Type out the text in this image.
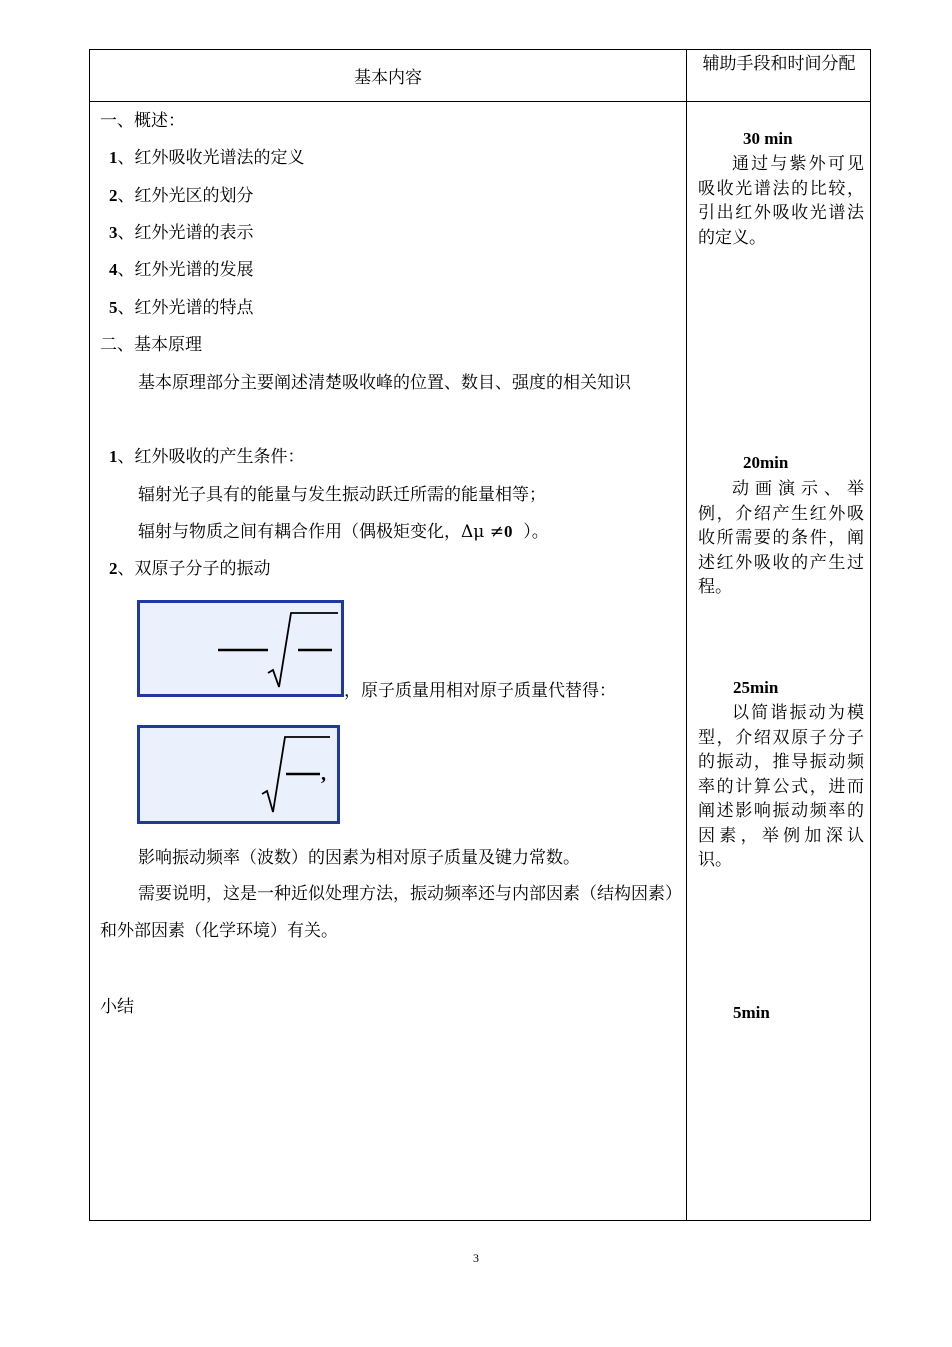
基本内容
辅助手段和时间分配
一、概述：
1、红外吸收光谱法的定义
2、红外光区的划分
3、红外光谱的表示
4、红外光谱的发展
5、红外光谱的特点
二、基本原理
基本原理部分主要阐述清楚吸收峰的位置、数目、强度的相关知识
1、红外吸收的产生条件：
辐射光子具有的能量与发生振动跃迁所需的能量相等；
辐射与物质之间有耦合作用（偶极矩变化，Δμ ≠0 ）。
2、双原子分子的振动
，原子质量用相对原子质量代替得：
,
影响振动频率（波数）的因素为相对原子质量及键力常数。
需要说明，这是一种近似处理方法，振动频率还与内部因素（结构因素）和外部因素（化学环境）有关。
小结
30 min
通过与紫外可见吸收光谱法的比较，引出红外吸收光谱法的定义。
20min
动画演示、举例，介绍产生红外吸收所需要的条件，阐述红外吸收的产生过程。
25min
以简谐振动为模型，介绍双原子分子的振动，推导振动频率的计算公式，进而阐述影响振动频率的因素，举例加深认识。
5min
3
